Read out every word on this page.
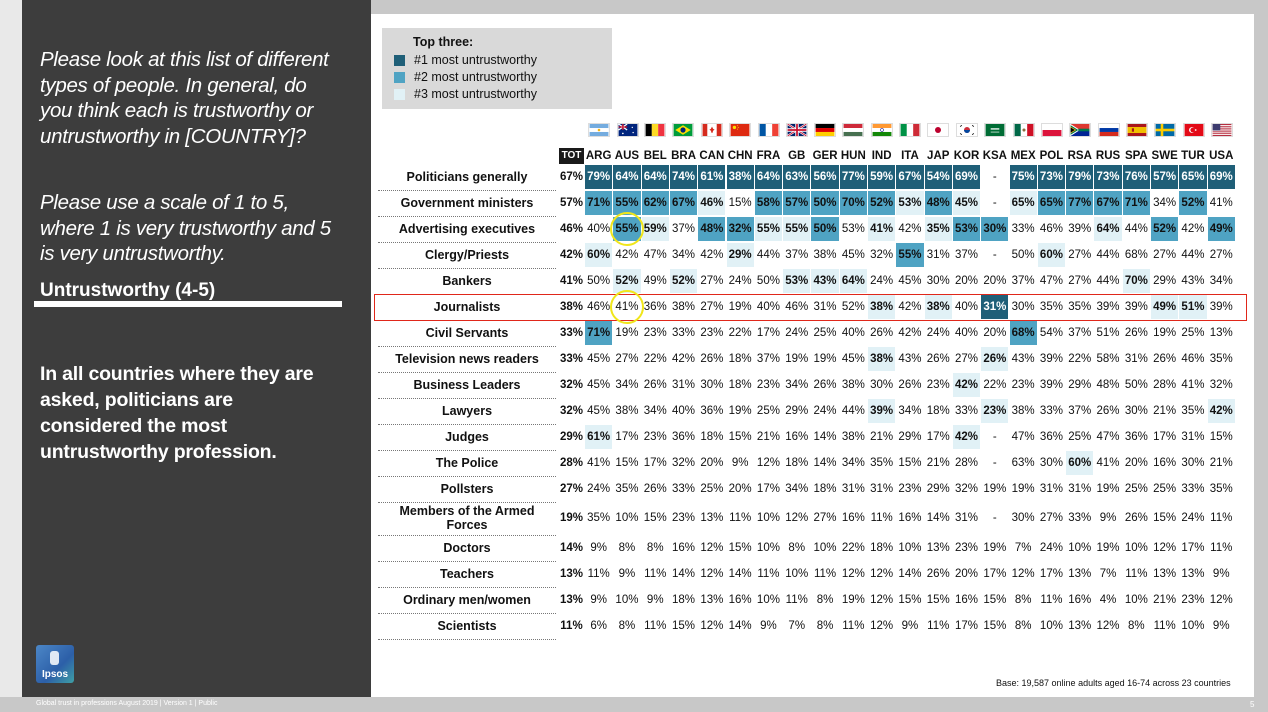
Please look at this list of different types of people. In general, do you think each is trustworthy or untrustworthy in [COUNTRY]?
Please use a scale of 1 to 5, where 1 is very trustworthy and 5 is very untrustworthy.
Untrustworthy (4-5)
In all countries where they are asked, politicians are considered the most untrustworthy profession.
Ipsos
Global trust in professions August 2019 | Version 1 | Public	5
Top three:
#1 most untrustworthy
#2 most untrustworthy
#3 most untrustworthy
TOT ARG AUS BEL BRA CAN CHN FRA GB GER HUN IND ITA JAP KOR KSA MEX POL RSA RUS SPA SWE TUR USA
Politicians generally	67% 79% 64% 64% 74% 61% 38% 64% 63% 56% 77% 59% 67% 54% 69%	-	75% 73% 79% 73% 76% 57% 65% 69%
Government ministers	57% 71% 55% 62% 67% 46% 15% 58% 57% 50% 70% 52% 53% 48% 45%	-	65% 65% 77% 67% 71% 34% 52% 41%
Advertising executives	46% 40% 55% 59% 37% 48% 32% 55% 55% 50% 53% 41% 42% 35% 53% 30% 33% 46% 39% 64% 44% 52% 42% 49%
Clergy/Priests	42% 60% 42% 47% 34% 42% 29% 44% 37% 38% 45% 32% 55% 31% 37%	-	50% 60% 27% 44% 68% 27% 44% 27%
Bankers	41% 50% 52% 49% 52% 27% 24% 50% 53% 43% 64% 24% 45% 30% 20% 20% 37% 47% 27% 44% 70% 29% 43% 34%
Journalists	38% 46% 41% 36% 38% 27% 19% 40% 46% 31% 52% 38% 42% 38% 40% 31% 30% 35% 35% 39% 39% 49% 51% 39%
Civil Servants	33% 71% 19% 23% 33% 23% 22% 17% 24% 25% 40% 26% 42% 24% 40% 20% 68% 54% 37% 51% 26% 19% 25% 13%
Television news readers	33% 45% 27% 22% 42% 26% 18% 37% 19% 19% 45% 38% 43% 26% 27% 26% 43% 39% 22% 58% 31% 26% 46% 35%
Business Leaders	32% 45% 34% 26% 31% 30% 18% 23% 34% 26% 38% 30% 26% 23% 42% 22% 23% 39% 29% 48% 50% 28% 41% 32%
Lawyers	32% 45% 38% 34% 40% 36% 19% 25% 29% 24% 44% 39% 34% 18% 33% 23% 38% 33% 37% 26% 30% 21% 35% 42%
Judges	29% 61% 17% 23% 36% 18% 15% 21% 16% 14% 38% 21% 29% 17% 42%	-	47% 36% 25% 47% 36% 17% 31% 15%
The Police	28% 41% 15% 17% 32% 20% 9% 12% 18% 14% 34% 35% 15% 21% 28%	-	63% 30% 60% 41% 20% 16% 30% 21%
Pollsters	27% 24% 35% 26% 33% 25% 20% 17% 34% 18% 31% 31% 23% 29% 32% 19% 19% 31% 31% 19% 25% 25% 33% 35%
Members of the Armed Forces	19% 35% 10% 15% 23% 13% 11% 10% 12% 27% 16% 11% 16% 14% 31%	-	30% 27% 33% 9% 26% 15% 24% 11%
Doctors	14% 9%	8%	8% 16% 12% 15% 10% 8% 10% 22% 18% 10% 13% 23% 19% 7% 24% 10% 19% 10% 12% 17% 11%
Teachers	13% 11% 9% 11% 14% 12% 14% 11% 10% 11% 12% 12% 14% 26% 20% 17% 12% 17% 13% 7% 11% 13% 13% 9%
Ordinary men/women	13% 9% 10% 9% 18% 13% 16% 10% 11% 8% 19% 12% 15% 15% 16% 15% 8% 11% 16% 4% 10% 21% 23% 12%
Scientists	11% 6%	8% 11% 15% 12% 14% 9%	7%	8% 11% 12% 9% 11% 17% 15% 8% 10% 13% 12% 8% 11% 10% 9%
Base: 19,587 online adults aged 16-74 across 23 countries
